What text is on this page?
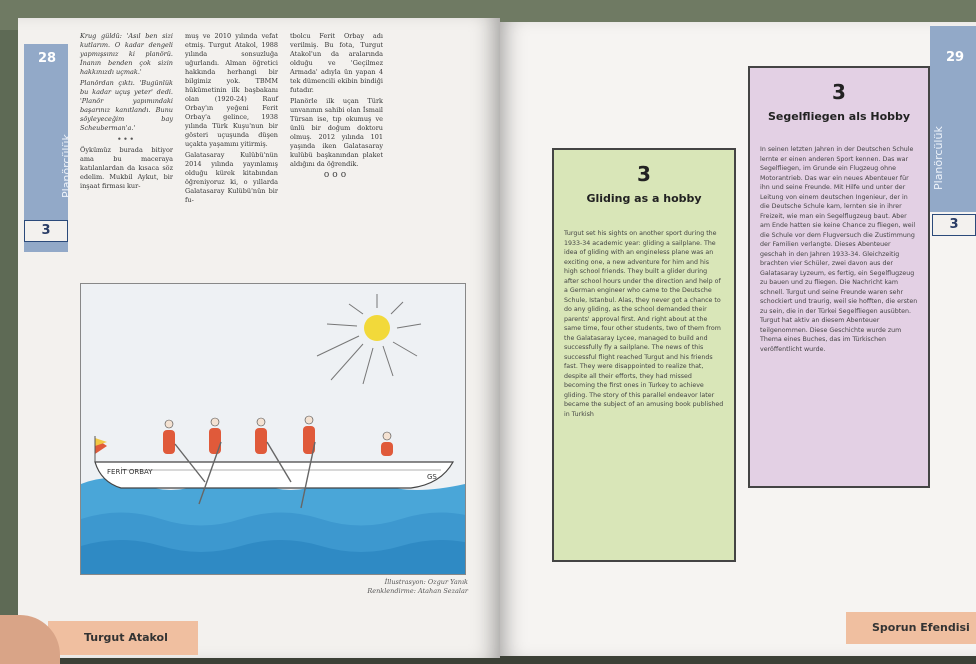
28
Planörcülük
3

Krug güldü: 'Asıl ben sizi kutlarım. O kadar dengeli yapmışsınız ki planörü. İnanın benden çok sizin hakkınızdı uçmak.'

Planördan çıktı. 'Bugünlük bu kadar uçuş yeter' dedi. 'Planör yapımındaki başarınız kanıtlandı. Bunu söyleyeceğim bay Scheuberman'a.'

•••

Öykümüz burada bitiyor ama bu maceraya katılanlardan da kısaca söz edelim. Mukbil Aykut, bir inşaat firması kur-

muş ve 2010 yılında vefat etmiş. Turgut Atakol, 1988 yılında sonsuzluğa uğurlandı. Alman öğretici hakkında herhangi bir bilgimiz yok. TBMM hükümetinin ilk başbakanı olan (1920-24) Rauf Orbay'ın yeğeni Ferit Orbay'a gelince, 1938 yılında Türk Kuşu'nun bir gösteri uçuşunda düşen uçakta yaşamını yitirmiş.

Galatasaray Kulübü'nün 2014 yılında yayınlamış olduğu kürek kitabından öğreniyoruz ki, o yıllarda Galatasaray Kulübü'nün bir fu-

tbolcu Ferit Orbay adı verilmiş. Bu fota, Turgut Atakol'un da aralarında olduğu ve 'Geçilmez Armada' adıyla ün yapan 4 tek dümencili ekibin bindiği futadır.

Planörle ilk uçan Türk unvanının sahibi olan İsmail Türsan ise, tıp okumuş ve ünlü bir doğum doktoru olmuş. 2012 yılında 101 yaşında iken Galatasaray kulübü başkanından plaket aldığını da öğrendik.

ooo

FERİT ORBAY
GS
İllustrasyon: Ozgur Yanık
Renklendirme: Atahan Sezalar
Turgut Atakol
29
Planörcülük
3
3
Gliding as a hobby
Turgut set his sights on another sport during the 1933-34 academic year: gliding a sailplane. The idea of gliding with an engineless plane was an exciting one, a new adventure for him and his high school friends. They built a glider during after school hours under the direction and help of a German engineer who came to the Deutsche Schule, Istanbul. Alas, they never got a chance to do any gliding, as the school demanded their parents' approval first. And right about at the same time, four other students, two of them from the Galatasaray Lycee, managed to build and successfully fly a sailplane. The news of this successful flight reached Turgut and his friends fast. They were disappointed to realize that, despite all their efforts, they had missed becoming the first ones in Turkey to achieve gliding. The story of this parallel endeavor later became the subject of an amusing book published in Turkish
3
Segelfliegen als Hobby
In seinen letzten Jahren in der Deutschen Schule lernte er einen anderen Sport kennen. Das war Segelfliegen, im Grunde ein Flugzeug ohne Motorantrieb. Das war ein neues Abenteuer für ihn und seine Freunde. Mit Hilfe und unter der Leitung von einem deutschen Ingenieur, der in die Deutsche Schule kam, lernten sie in ihrer Freizeit, wie man ein Segelflugzeug baut. Aber am Ende hatten sie keine Chance zu fliegen, weil die Schule vor dem Flugversuch die Zustimmung der Familien verlangte. Dieses Abenteuer geschah in den Jahren 1933-34. Gleichzeitig brachten vier Schüler, zwei davon aus der Galatasaray Lyzeum, es fertig, ein Segelflugzeug zu bauen und zu fliegen. Die Nachricht kam schnell. Turgut und seine Freunde waren sehr schockiert und traurig, weil sie hofften, die ersten zu sein, die in der Türkei Segelfliegen ausübten. Turgut hat aktiv an diesem Abenteuer teilgenommen. Diese Geschichte wurde zum Thema eines Buches, das im Türkischen veröffentlicht wurde.
Sporun Efendisi
